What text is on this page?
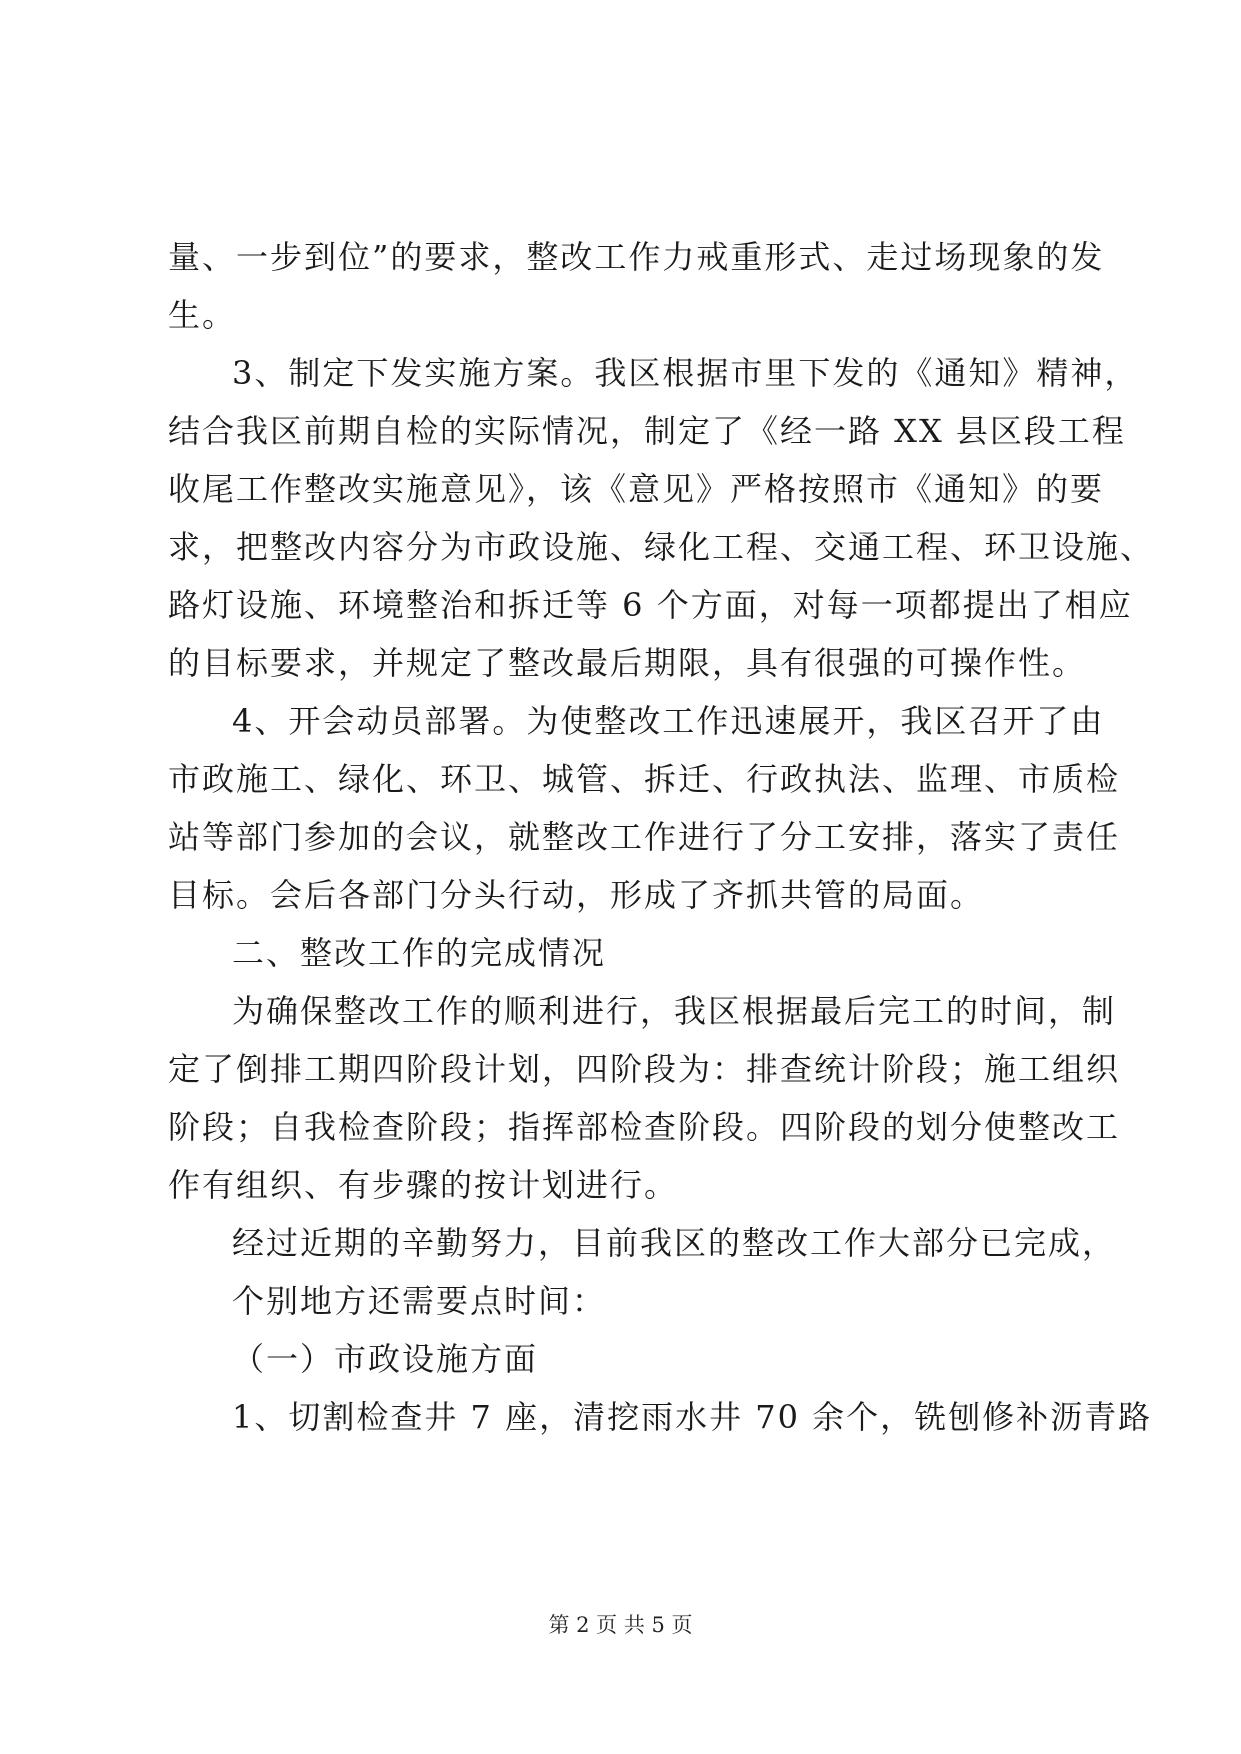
量、一步到位”的要求，整改工作力戒重形式、走过场现象的发
生。
3、制定下发实施方案。我区根据市里下发的《通知》精神，
结合我区前期自检的实际情况，制定了《经一路 XX 县区段工程
收尾工作整改实施意见》，该《意见》严格按照市《通知》的要
求，把整改内容分为市政设施、绿化工程、交通工程、环卫设施、
路灯设施、环境整治和拆迁等 6 个方面，对每一项都提出了相应
的目标要求，并规定了整改最后期限，具有很强的可操作性。
4、开会动员部署。为使整改工作迅速展开，我区召开了由
市政施工、绿化、环卫、城管、拆迁、行政执法、监理、市质检
站等部门参加的会议，就整改工作进行了分工安排，落实了责任
目标。会后各部门分头行动，形成了齐抓共管的局面。
二、整改工作的完成情况
为确保整改工作的顺利进行，我区根据最后完工的时间，制
定了倒排工期四阶段计划，四阶段为：排查统计阶段；施工组织
阶段；自我检查阶段；指挥部检查阶段。四阶段的划分使整改工
作有组织、有步骤的按计划进行。
经过近期的辛勤努力，目前我区的整改工作大部分已完成，
个别地方还需要点时间：
（一）市政设施方面
1、切割检查井 7 座，清挖雨水井 70 余个，铣刨修补沥青路
第 2 页 共 5 页
